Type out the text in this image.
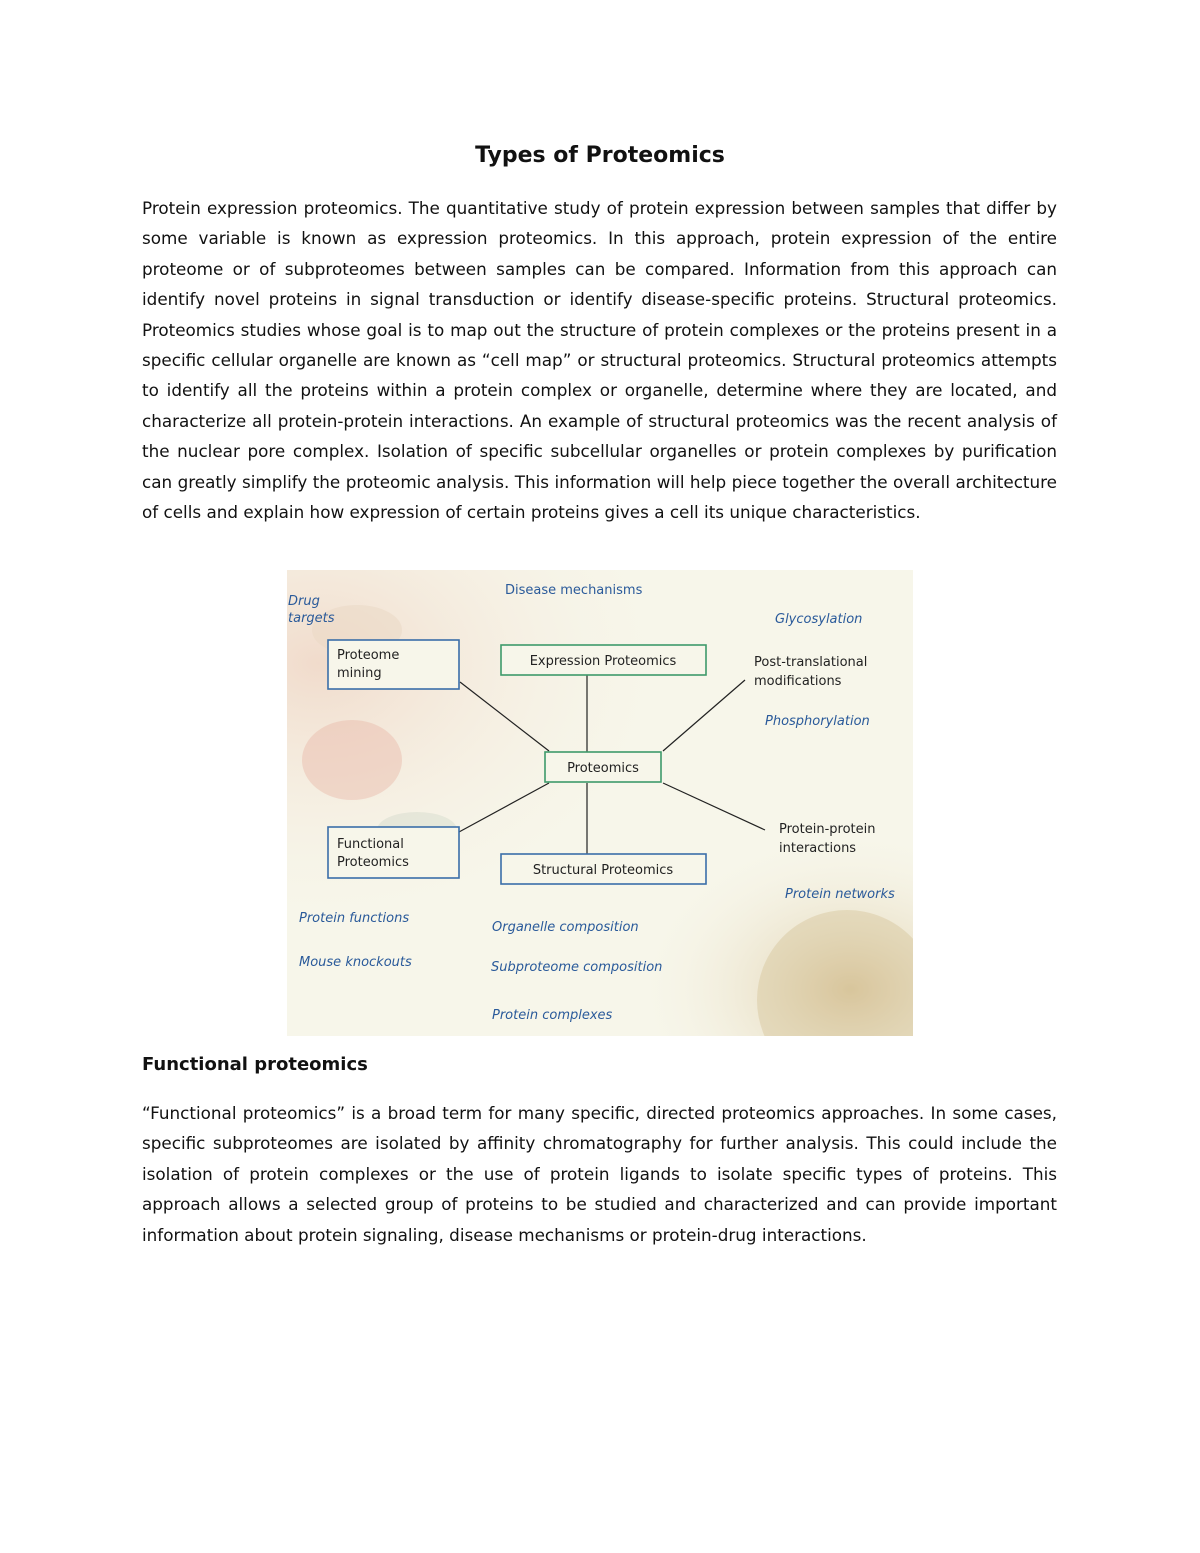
Types of Proteomics

Protein expression proteomics. The quantitative study of protein expression between samples that differ by some variable is known as expression proteomics. In this approach, protein expression of the entire proteome or of subproteomes between samples can be compared. Information from this approach can identify novel proteins in signal transduction or identify disease-specific proteins. Structural proteomics. Proteomics studies whose goal is to map out the structure of protein complexes or the proteins present in a specific cellular organelle are known as “cell map” or structural proteomics. Structural proteomics attempts to identify all the proteins within a protein complex or organelle, determine where they are located, and characterize all protein-protein interactions. An example of structural proteomics was the recent analysis of the nuclear pore complex. Isolation of specific subcellular organelles or protein complexes by purification can greatly simplify the proteomic analysis. This information will help piece together the overall architecture of cells and explain how expression of certain proteins gives a cell its unique characteristics.

Expression Proteomics
Proteomics
Structural Proteomics
Proteome
mining
Functional
Proteomics
Post-translational
modifications
Protein-protein
interactions
Drug
targets
Disease mechanisms
Glycosylation
Phosphorylation
Protein networks
Protein functions
Mouse knockouts
Organelle composition
Subproteome composition
Protein complexes
Functional proteomics

“Functional proteomics” is a broad term for many specific, directed proteomics approaches. In some cases, specific subproteomes are isolated by affinity chromatography for further analysis. This could include the isolation of protein complexes or the use of protein ligands to isolate specific types of proteins. This approach allows a selected group of proteins to be studied and characterized and can provide important information about protein signaling, disease mechanisms or protein-drug interactions.
